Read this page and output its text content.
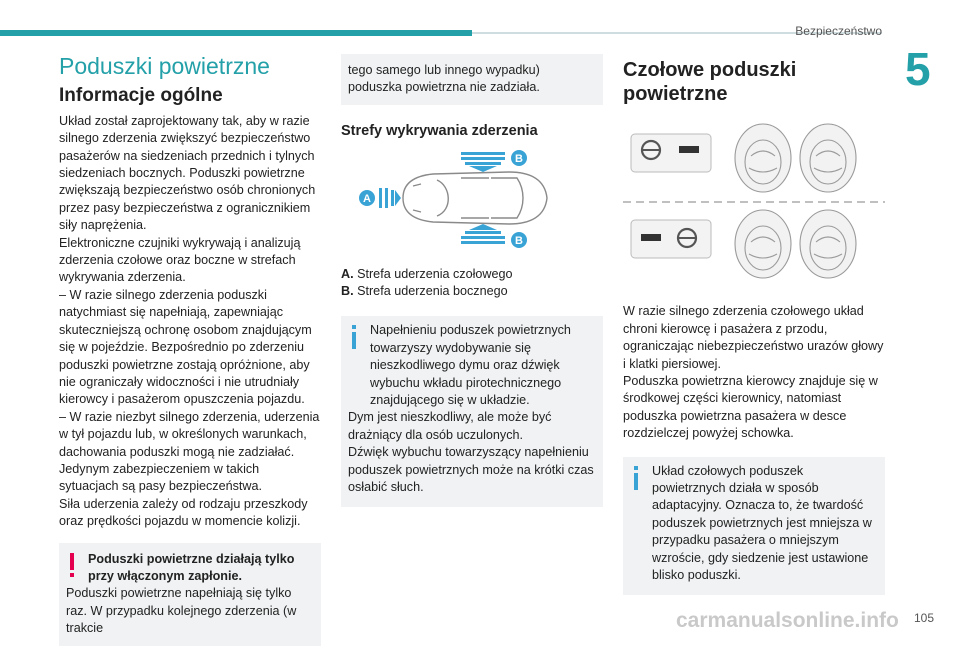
Bezpieczeństwo
5
Poduszki powietrzne
Informacje ogólne

Układ został zaprojektowany tak, aby w razie silnego zderzenia zwiększyć bezpieczeństwo pasażerów na siedzeniach przednich i tylnych siedzeniach bocznych. Poduszki powietrzne zwiększają bezpieczeństwo osób chronionych przez pasy bezpieczeństwa z ogranicznikiem siły naprężenia.

Elektroniczne czujniki wykrywają i analizują zderzenia czołowe oraz boczne w strefach wykrywania zderzenia.

– W razie silnego zderzenia poduszki natychmiast się napełniają, zapewniając skuteczniejszą ochronę osobom znajdującym się w pojeździe. Bezpośrednio po zderzeniu poduszki powietrzne zostają opróżnione, aby nie ograniczały widoczności i nie utrudniały kierowcy i pasażerom opuszczenia pojazdu.

– W razie niezbyt silnego zderzenia, uderzenia w tył pojazdu lub, w określonych warunkach, dachowania poduszki mogą nie zadziałać. Jedynym zabezpieczeniem w takich sytuacjach są pasy bezpieczeństwa.

Siła uderzenia zależy od rodzaju przeszkody oraz prędkości pojazdu w momencie kolizji.

Poduszki powietrzne działają tylko przy włączonym zapłonie.

Poduszki powietrzne napełniają się tylko raz. W przypadku kolejnego zderzenia (w trakcie

tego samego lub innego wypadku) poduszka powietrzna nie zadziała.

Strefy wykrywania zderzenia
A
B
B

A. Strefa uderzenia czołowego

B. Strefa uderzenia bocznego

Napełnieniu poduszek powietrznych towarzyszy wydobywanie się nieszkodliwego dymu oraz dźwięk wybuchu wkładu pirotechnicznego znajdującego się w układzie.

Dym jest nieszkodliwy, ale może być drażniący dla osób uczulonych.

Dźwięk wybuchu towarzyszący napełnieniu poduszek powietrznych może na krótki czas osłabić słuch.

Czołowe poduszki powietrzne

W razie silnego zderzenia czołowego układ chroni kierowcę i pasażera z przodu, ograniczając niebezpieczeństwo urazów głowy i klatki piersiowej.

Poduszka powietrzna kierowcy znajduje się w środkowej części kierownicy, natomiast poduszka powietrzna pasażera w desce rozdzielczej powyżej schowka.

Układ czołowych poduszek powietrznych działa w sposób adaptacyjny. Oznacza to, że twardość poduszek powietrznych jest mniejsza w przypadku pasażera o mniejszym wzroście, gdy siedzenie jest ustawione blisko poduszki.

carmanualsonline.info 105
